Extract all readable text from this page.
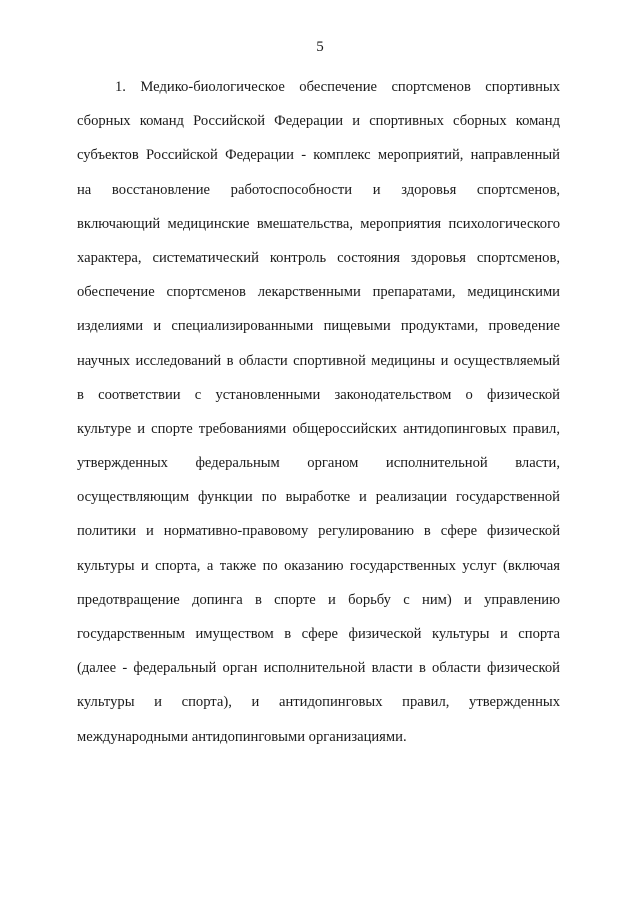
5
1. Медико-биологическое обеспечение спортсменов спортивных
сборных команд Российской Федерации и спортивных сборных команд
субъектов Российской Федерации - комплекс мероприятий, направленный
на восстановление работоспособности и здоровья спортсменов,
включающий медицинские вмешательства, мероприятия психологического
характера, систематический контроль состояния здоровья спортсменов,
обеспечение спортсменов лекарственными препаратами, медицинскими
изделиями и специализированными пищевыми продуктами, проведение
научных исследований в области спортивной медицины и осуществляемый
в соответствии с установленными законодательством о физической
культуре и спорте требованиями общероссийских антидопинговых правил,
утвержденных федеральным органом исполнительной власти,
осуществляющим функции по выработке и реализации государственной
политики и нормативно-правовому регулированию в сфере физической
культуры и спорта, а также по оказанию государственных услуг (включая
предотвращение допинга в спорте и борьбу с ним) и управлению
государственным имуществом в сфере физической культуры и спорта
(далее - федеральный орган исполнительной власти в области физической
культуры и спорта), и антидопинговых правил, утвержденных
международными антидопинговыми организациями.
